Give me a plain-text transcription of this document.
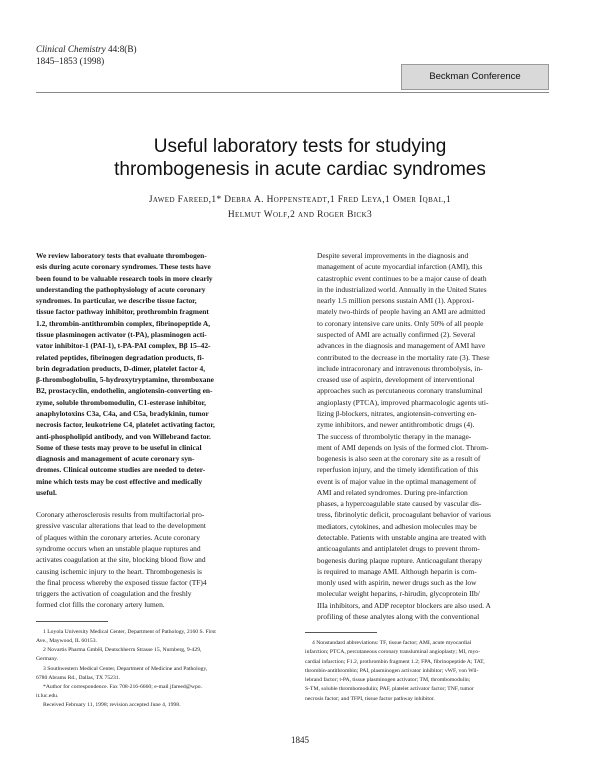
Clinical Chemistry 44:8(B)
1845–1853 (1998)
Beckman Conference
Useful laboratory tests for studying
thrombogenesis in acute cardiac syndromes
Jawed Fareed,1* Debra A. Hoppensteadt,1 Fred Leya,1 Omer Iqbal,1
Helmut Wolf,2 and Roger Bick3

We review laboratory tests that evaluate thrombogen-
esis during acute coronary syndromes. These tests have
been found to be valuable research tools in more clearly
understanding the pathophysiology of acute coronary
syndromes. In particular, we describe tissue factor,
tissue factor pathway inhibitor, prothrombin fragment
1.2, thrombin-antithrombin complex, fibrinopeptide A,
tissue plasminogen activator (t-PA), plasminogen acti-
vator inhibitor-1 (PAI-1), t-PA-PAI complex, Bβ 15–42-
related peptides, fibrinogen degradation products, fi-
brin degradation products, D-dimer, platelet factor 4,
β-thromboglobulin, 5-hydroxytryptamine, thromboxane
B2, prostacyclin, endothelin, angiotensin-converting en-
zyme, soluble thrombomodulin, C1-esterase inhibitor,
anaphylotoxins C3a, C4a, and C5a, bradykinin, tumor
necrosis factor, leukotriene C4, platelet activating factor,
anti-phospholipid antibody, and von Willebrand factor.
Some of these tests may prove to be useful in clinical
diagnosis and management of acute coronary syn-
dromes. Clinical outcome studies are needed to deter-
mine which tests may be cost effective and medically
useful.

Coronary atherosclerosis results from multifactorial pro-
gressive vascular alterations that lead to the development
of plaques within the coronary arteries. Acute coronary
syndrome occurs when an unstable plaque ruptures and
activates coagulation at the site, blocking blood flow and
causing ischemic injury to the heart. Thrombogenesis is
the final process whereby the exposed tissue factor (TF)4
triggers the activation of coagulation and the freshly
formed clot fills the coronary artery lumen.

1 Loyola University Medical Center, Department of Pathology, 2160 S. First

Ave., Maywood, IL 60153.

2 Novartis Pharma GmbH, Deutschherrn Strasse 15, Nurnberg, 9-429,

Germany.

3 Southwestern Medical Center, Department of Medicine and Pathology,

6780 Abrams Rd., Dallas, TX 75231.

*Author for correspondence. Fax 708-216-6660; e-mail jfareed@wpo.

it.luc.edu.

Received February 11, 1998; revision accepted June 4, 1998.

Despite several improvements in the diagnosis and
management of acute myocardial infarction (AMI), this
catastrophic event continues to be a major cause of death
in the industrialized world. Annually in the United States
nearly 1.5 million persons sustain AMI (1). Approxi-
mately two-thirds of people having an AMI are admitted
to coronary intensive care units. Only 50% of all people
suspected of AMI are actually confirmed (2). Several
advances in the diagnosis and management of AMI have
contributed to the decrease in the mortality rate (3). These
include intracoronary and intravenous thrombolysis, in-
creased use of aspirin, development of interventional
approaches such as percutaneous coronary transluminal
angioplasty (PTCA), improved pharmacologic agents uti-
lizing β-blockers, nitrates, angiotensin-converting en-
zyme inhibitors, and newer antithrombotic drugs (4).

The success of thrombolytic therapy in the manage-
ment of AMI depends on lysis of the formed clot. Throm-
bogenesis is also seen at the coronary site as a result of
reperfusion injury, and the timely identification of this
event is of major value in the optimal management of
AMI and related syndromes. During pre-infarction
phases, a hypercoagulable state caused by vascular dis-
tress, fibrinolytic deficit, procoagulant behavior of various
mediators, cytokines, and adhesion molecules may be
detectable. Patients with unstable angina are treated with
anticoagulants and antiplatelet drugs to prevent throm-
bogenesis during plaque rupture. Anticoagulant therapy
is required to manage AMI. Although heparin is com-
monly used with aspirin, newer drugs such as the low
molecular weight heparins, r-hirudin, glycoprotein IIb/
IIIa inhibitors, and ADP receptor blockers are also used. A
profiling of these analytes along with the conventional

4 Nonstandard abbreviations: TF, tissue factor; AMI, acute myocardial
infarction; PTCA, percutaneous coronary transluminal angioplasty; MI, myo-
cardial infarction; F1.2, prothrombin fragment 1.2; FPA, fibrinopeptide A; TAT,
thrombin-antithrombin; PAI, plasminogen activator inhibitor; vWF, von Wil-
lebrand factor; t-PA, tissue plasminogen activator; TM, thrombomodulin;
S-TM, soluble thrombomodulin; PAF, platelet activator factor; TNF, tumor
necrosis factor; and TFPI, tissue factor pathway inhibitor.

1845
